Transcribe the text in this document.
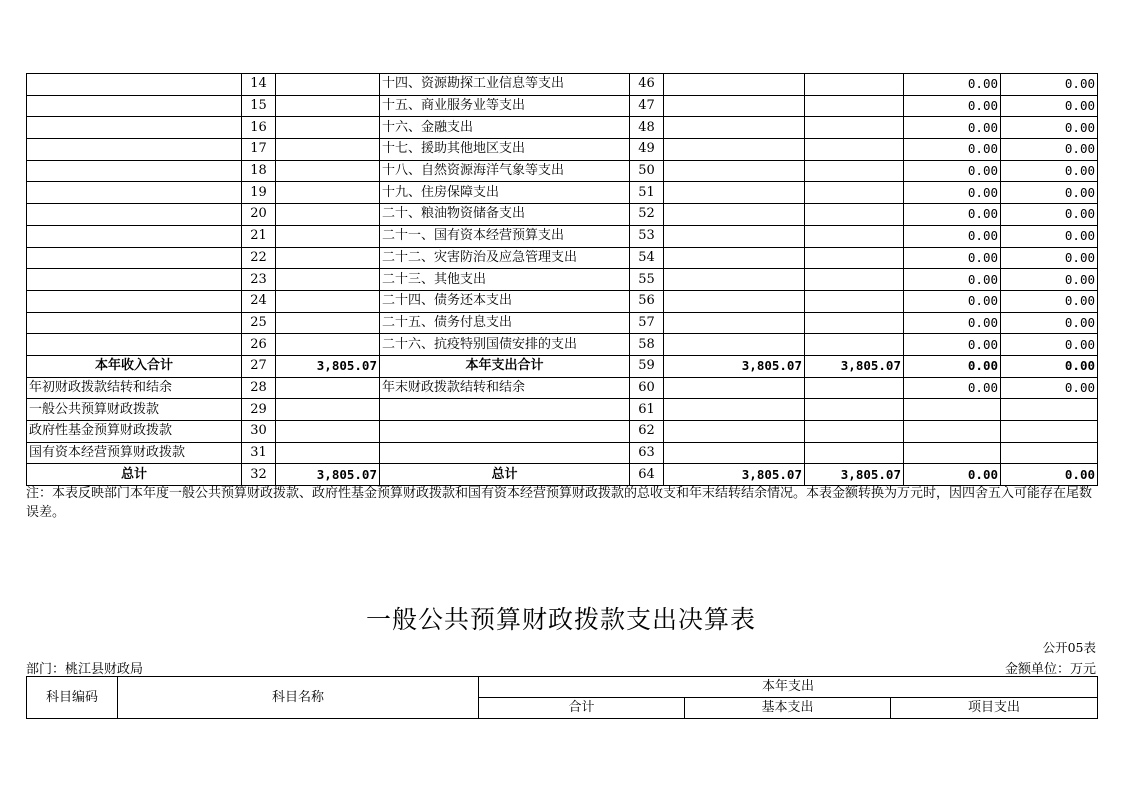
	14		十四、资源勘探工业信息等支出	46			0.00	0.00
	15		十五、商业服务业等支出	47			0.00	0.00
	16		十六、金融支出	48			0.00	0.00
	17		十七、援助其他地区支出	49			0.00	0.00
	18		十八、自然资源海洋气象等支出	50			0.00	0.00
	19		十九、住房保障支出	51			0.00	0.00
	20		二十、粮油物资储备支出	52			0.00	0.00
	21		二十一、国有资本经营预算支出	53			0.00	0.00
	22		二十二、灾害防治及应急管理支出	54			0.00	0.00
	23		二十三、其他支出	55			0.00	0.00
	24		二十四、债务还本支出	56			0.00	0.00
	25		二十五、债务付息支出	57			0.00	0.00
	26		二十六、抗疫特别国债安排的支出	58			0.00	0.00
本年收入合计	27	3,805.07	本年支出合计	59	3,805.07	3,805.07	0.00	0.00
年初财政拨款结转和结余	28		年末财政拨款结转和结余	60			0.00	0.00
一般公共预算财政拨款	29			61				
政府性基金预算财政拨款	30			62				
国有资本经营预算财政拨款	31			63				
总计	32	3,805.07	总计	64	3,805.07	3,805.07	0.00	0.00
注：本表反映部门本年度一般公共预算财政拨款、政府性基金预算财政拨款和国有资本经营预算财政拨款的总收支和年末结转结余情况。本表金额转换为万元时，因四舍五入可能存在尾数误差。
一般公共预算财政拨款支出决算表
公开05表
部门：桃江县财政局	金额单位：万元
科目编码	科目名称	本年支出		
		合计	基本支出	项目支出
